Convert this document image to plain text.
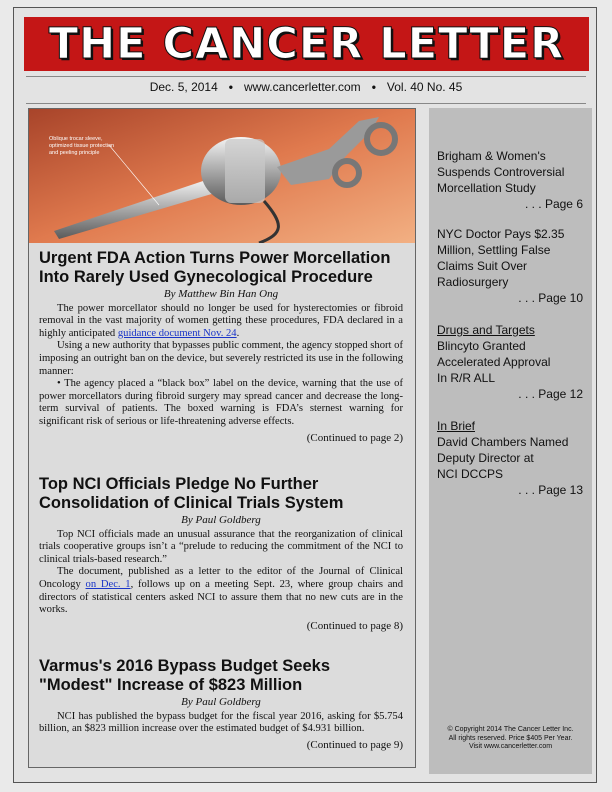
THE CANCER LETTER
Dec. 5, 2014 • www.cancerletter.com • Vol. 40 No. 45
Oblique trocar sleeve,
optimized tissue protection
and peeling principle
Urgent FDA Action Turns Power Morcellation Into Rarely Used Gynecological Procedure
By Matthew Bin Han Ong

The power morcellator should no longer be used for hysterectomies or fibroid removal in the vast majority of women getting these procedures, FDA declared in a highly anticipated guidance document Nov. 24.

Using a new authority that bypasses public comment, the agency stopped short of imposing an outright ban on the device, but severely restricted its use in the following manner:

• The agency placed a “black box” label on the device, warning that the use of power morcellators during fibroid surgery may spread cancer and decrease the long-term survival of patients. The boxed warning is FDA’s sternest warning for significant risk of serious or life-threatening adverse effects.

(Continued to page 2)
Top NCI Officials Pledge No Further Consolidation of Clinical Trials System
By Paul Goldberg

Top NCI officials made an unusual assurance that the reorganization of clinical trials cooperative groups isn’t a “prelude to reducing the commitment of the NCI to clinical trials-based research.”

The document, published as a letter to the editor of the Journal of Clinical Oncology on Dec. 1, follows up on a meeting Sept. 23, where group chairs and directors of statistical centers asked NCI to assure them that no new cuts are in the works.

(Continued to page 8)
Varmus's 2016 Bypass Budget Seeks "Modest" Increase of $823 Million
By Paul Goldberg

NCI has published the bypass budget for the fiscal year 2016, asking for $5.754 billion, an $823 million increase over the estimated budget of $4.931 billion.

(Continued to page 9)
Brigham & Women's
Suspends Controversial
Morcellation Study
. . . Page 6
NYC Doctor Pays $2.35
Million, Settling False
Claims Suit Over
Radiosurgery
. . . Page 10
Drugs and Targets
Blincyto Granted
Accelerated Approval
In R/R ALL
. . . Page 12
In Brief
David Chambers Named
Deputy Director at
NCI DCCPS
. . . Page 13
© Copyright 2014 The Cancer Letter Inc.
All rights reserved. Price $405 Per Year.
Visit www.cancerletter.com
